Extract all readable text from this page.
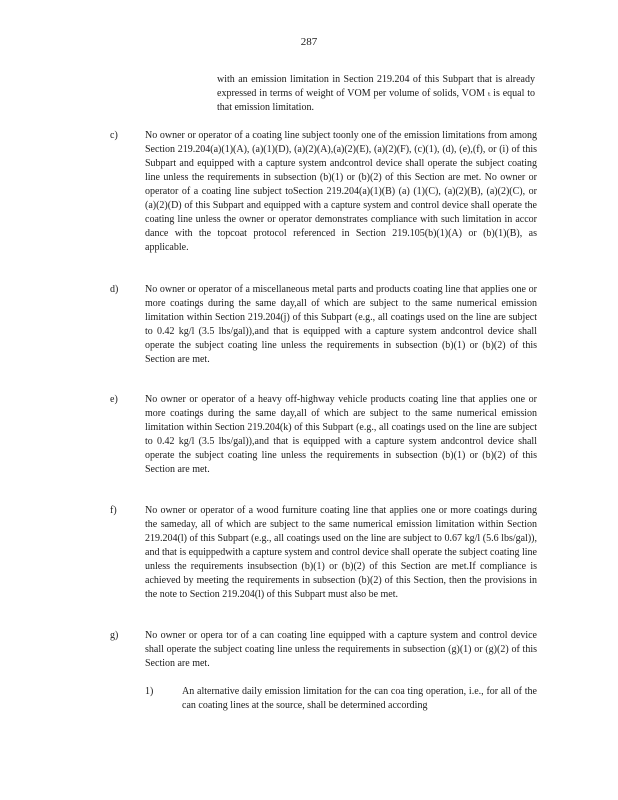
287
with an emission limitation in Section 219.204 of this Subpart that is already expressed in terms of weight of VOM per volume of solids, VOM ₜ is equal to that emission limitation.
c)	No owner or operator of a coating line subject toonly one of the emission limitations from among Section 219.204(a)(1)(A), (a)(1)(D), (a)(2)(A),(a)(2)(E), (a)(2)(F), (c)(1), (d), (e),(f), or (i) of this Subpart and equipped with a capture system andcontrol device shall operate the subject coating line unless the requirements in subsection (b)(1) or (b)(2) of this Section are met. No owner or operator of a coating line subject toSection 219.204(a)(1)(B) (a) (1)(C), (a)(2)(B), (a)(2)(C), or (a)(2)(D) of this Subpart and equipped with a capture system and control device shall operate the coating line unless the owner or operator demonstrates compliance with such limitation in accor dance with the topcoat protocol referenced in Section 219.105(b)(1)(A) or (b)(1)(B), as applicable.
d)	No owner or operator of a miscellaneous metal parts and products coating line that applies one or more coatings during the same day,all of which are subject to the same numerical emission limitation within Section 219.204(j) of this Subpart (e.g., all coatings used on the line are subject to 0.42 kg/l (3.5 lbs/gal)),and that is equipped with a capture system andcontrol device shall operate the subject coating line unless the requirements in subsection (b)(1) or (b)(2) of this Section are met.
e)	No owner or operator of a heavy off-highway vehicle products coating line that applies one or more coatings during the same day,all of which are subject to the same numerical emission limitation within Section 219.204(k) of this Subpart (e.g., all coatings used on the line are subject to 0.42 kg/l (3.5 lbs/gal)),and that is equipped with a capture system andcontrol device shall operate the subject coating line unless the requirements in subsection (b)(1) or (b)(2) of this Section are met.
f)	No owner or operator of a wood furniture coating line that applies one or more coatings during the sameday, all of which are subject to the same numerical emission limitation within Section 219.204(l) of this Subpart (e.g., all coatings used on the line are subject to 0.67 kg/l (5.6 lbs/gal)), and that is equippedwith a capture system and control device shall operate the subject coating line unless the requirements insubsection (b)(1) or (b)(2) of this Section are met.If compliance is achieved by meeting the requirements in subsection (b)(2) of this Section, then the provisions in the note to Section 219.204(l) of this Subpart must also be met.
g)	No owner or opera tor of a can coating line equipped with a capture system and control device shall operate the subject coating line unless the requirements in subsection (g)(1) or (g)(2) of this Section are met.
1)	An alternative daily emission limitation for the can coa ting operation, i.e., for all of the can coating lines at the source, shall be determined according
